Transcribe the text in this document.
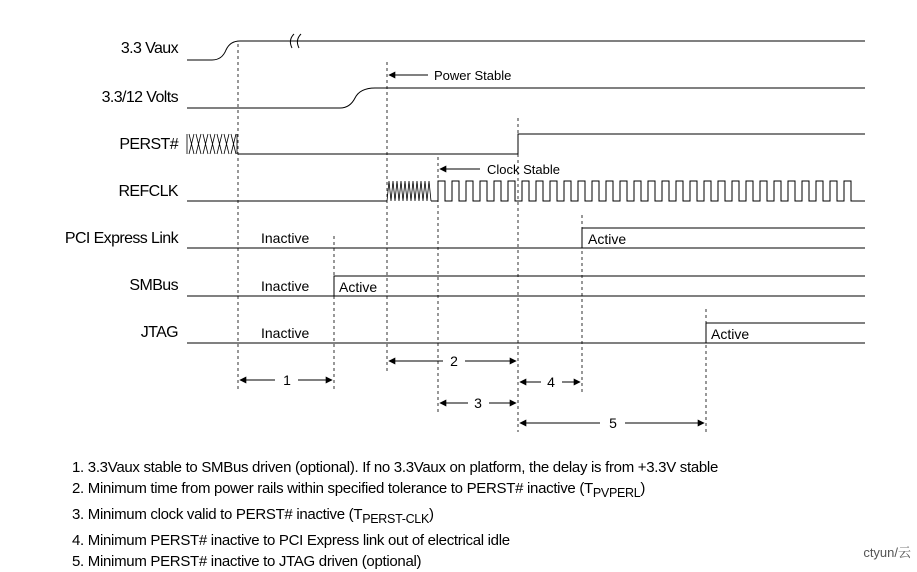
3.3 Vaux
3.3/12 Volts
PERST#
REFCLK
PCI Express Link
SMBus
JTAG
Power Stable
Clock Stable
Inactive	Active
Inactive Active
Inactive	Active
1
2
3
4
5
1. 3.3Vaux stable to SMBus driven (optional). If no 3.3Vaux on platform, the delay is from +3.3V stable
2. Minimum time from power rails within specified tolerance to PERST# inactive $(T_{PVPERL})$
3. Minimum clock valid to PERST# inactive $(T_{PERST-CLK})$
4. Minimum PERST# inactive to PCI Express link out of electrical idle
5. Minimum PERST# inactive to JTAG driven (optional)
ctyun/云
